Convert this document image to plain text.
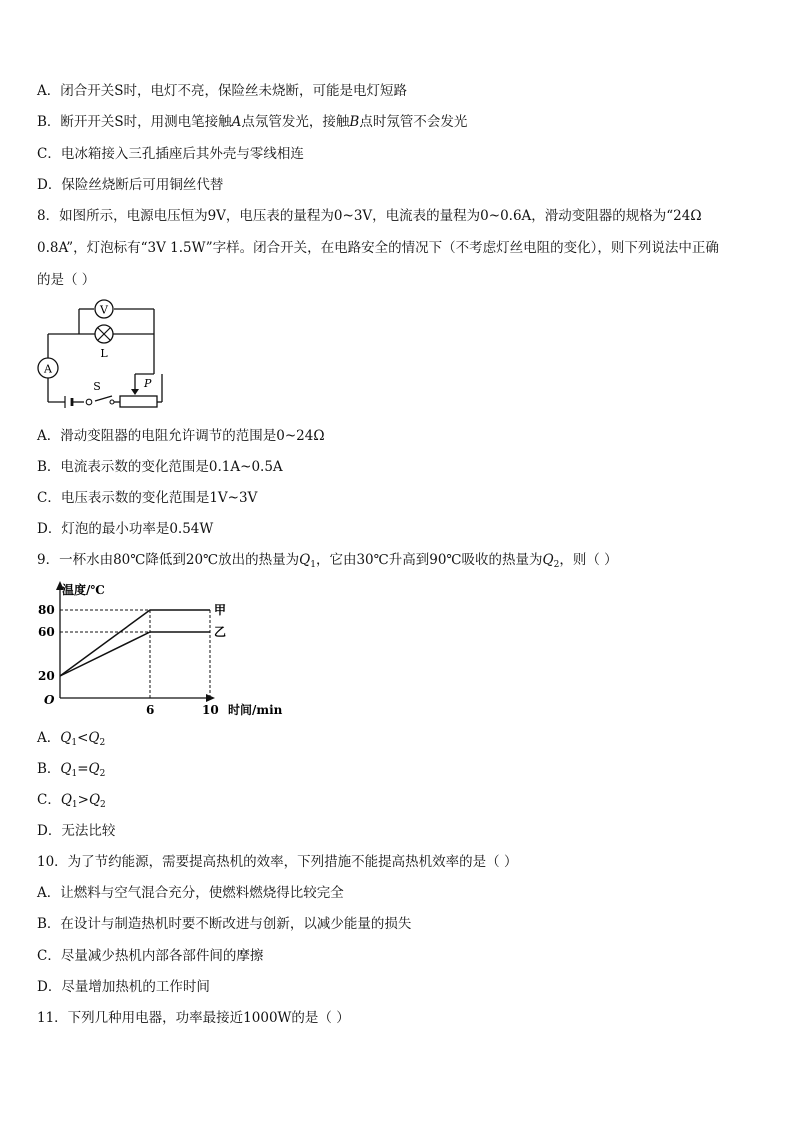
A．闭合开关S时，电灯不亮，保险丝未烧断，可能是电灯短路
B．断开开关S时，用测电笔接触A点氖管发光，接触B点时氖管不会发光
C．电冰箱接入三孔插座后其外壳与零线相连
D．保险丝烧断后可用铜丝代替
8．如图所示，电源电压恒为9V，电压表的量程为0~3V，电流表的量程为0~0.6A，滑动变阻器的规格为“24Ω
0.8A”，灯泡标有“3V 1.5W”字样。闭合开关，在电路安全的情况下（不考虑灯丝电阻的变化），则下列说法中正确
的是（ ）
V
L
A
S	P
A．滑动变阻器的电阻允许调节的范围是0~24Ω
B．电流表示数的变化范围是0.1A~0.5A
C．电压表示数的变化范围是1V~3V
D．灯泡的最小功率是0.54W
9．一杯水由80℃降低到20℃放出的热量为$Q_1$，它由30℃升高到90℃吸收的热量为$Q_2$，则（ ）
80
60
20
6	10
O
温度/℃
时间/min
甲
乙
A．$Q_1<Q_2$
B．$Q_1=Q_2$
C．$Q_1>Q_2$
D．无法比较
10．为了节约能源，需要提高热机的效率，下列措施不能提高热机效率的是（ ）
A．让燃料与空气混合充分，使燃料燃烧得比较完全
B．在设计与制造热机时要不断改进与创新，以减少能量的损失
C．尽量减少热机内部各部件间的摩擦
D．尽量增加热机的工作时间
11．下列几种用电器，功率最接近1000W的是（ ）
